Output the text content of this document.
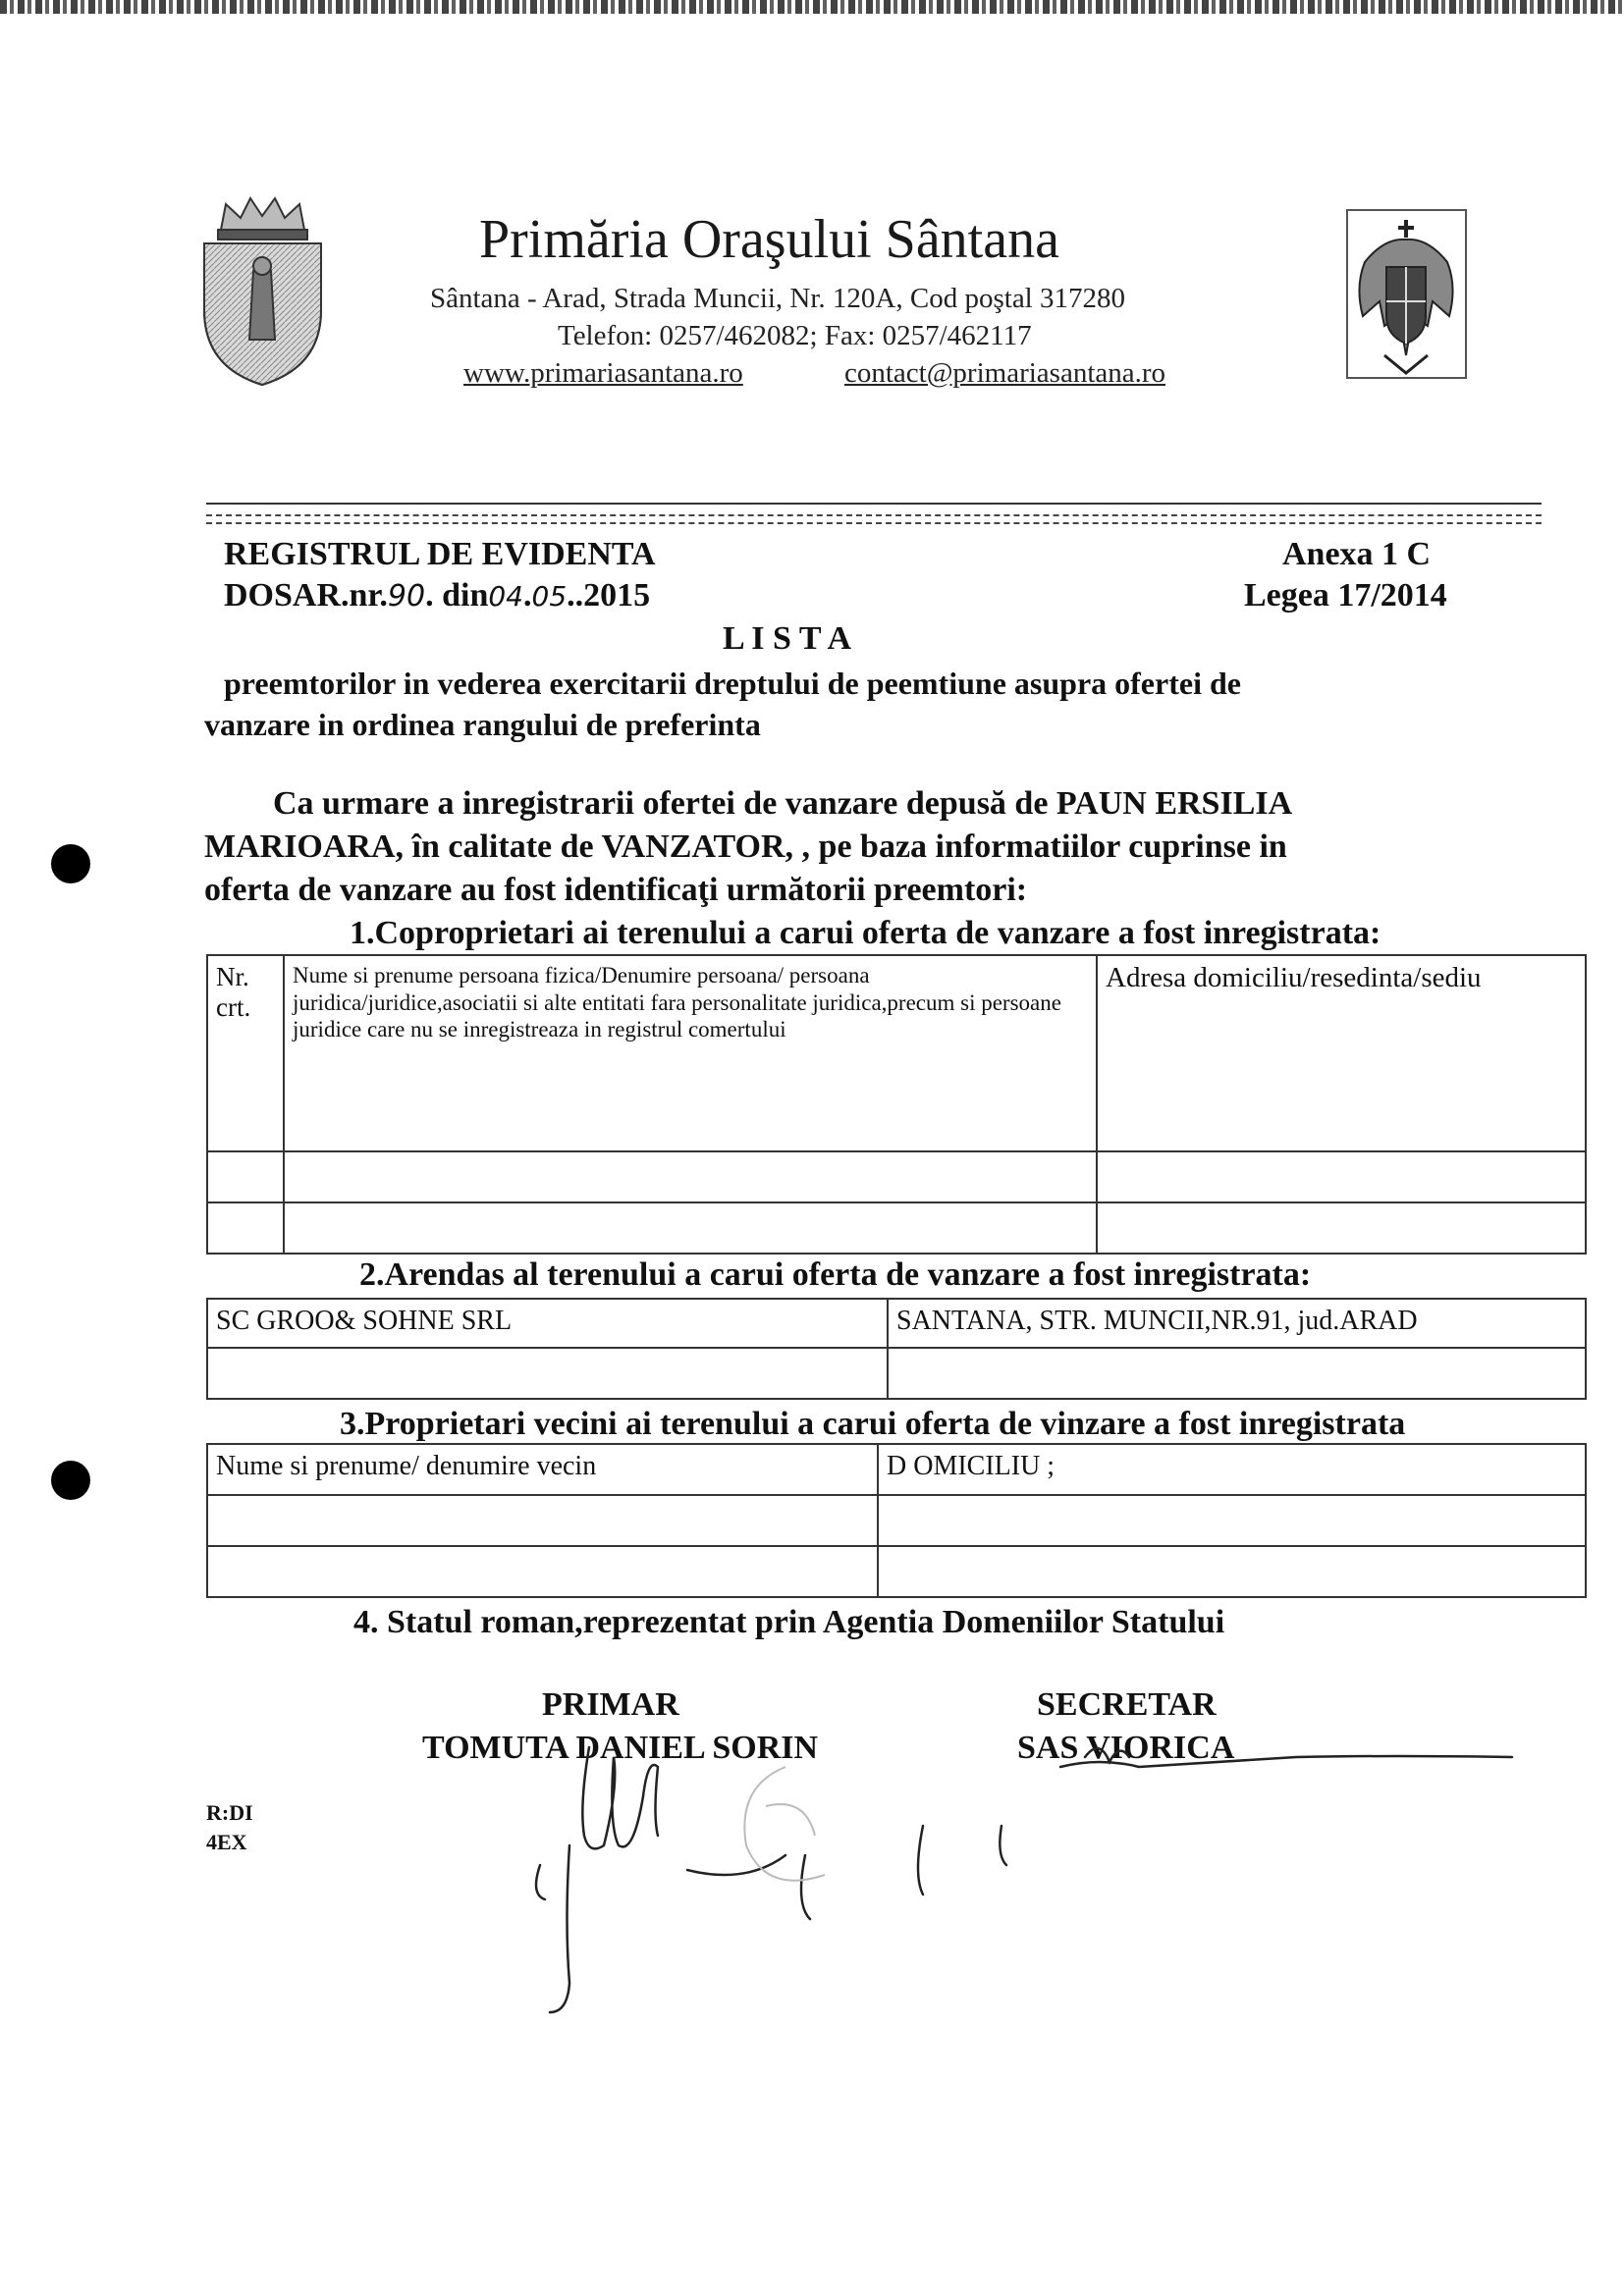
Primăria Oraşului Sântana
Sântana - Arad, Strada Muncii, Nr. 120A, Cod poştal 317280
Telefon: 0257/462082; Fax: 0257/462117
www.primariasantana.ro	contact@primariasantana.ro
REGISTRUL DE EVIDENTA
DOSAR.nr.90. din04.05..2015
Anexa 1 C
Legea 17/2014
L I S T A
preemtorilor in vederea exercitarii dreptului de peemtiune asupra ofertei de
vanzare in ordinea rangului de preferinta
Ca urmare a inregistrarii ofertei de vanzare depusă de PAUN ERSILIA
MARIOARA, în calitate de VANZATOR, , pe baza informatiilor cuprinse in
oferta de vanzare au fost identificaţi următorii preemtori:
1.Coproprietari ai terenului a carui oferta de vanzare a fost inregistrata:
Nr. crt.	Nume si prenume persoana fizica/Denumire persoana/ persoana juridica/juridice,asociatii si alte entitati fara personalitate juridica,precum si persoane juridice care nu se inregistreaza in registrul comertului	Adresa domiciliu/resedinta/sediu

2.Arendas al terenului a carui oferta de vanzare a fost inregistrata:
SC GROO& SOHNE SRL	SANTANA, STR. MUNCII,NR.91, jud.ARAD

3.Proprietari vecini ai terenului a carui oferta de vinzare a fost inregistrata
Nume si prenume/ denumire vecin	D OMICILIU ;

4. Statul roman,reprezentat prin Agentia Domeniilor Statului
PRIMAR
TOMUTA DANIEL SORIN
SECRETAR
SAS VIORICA
R:DI
4EX
